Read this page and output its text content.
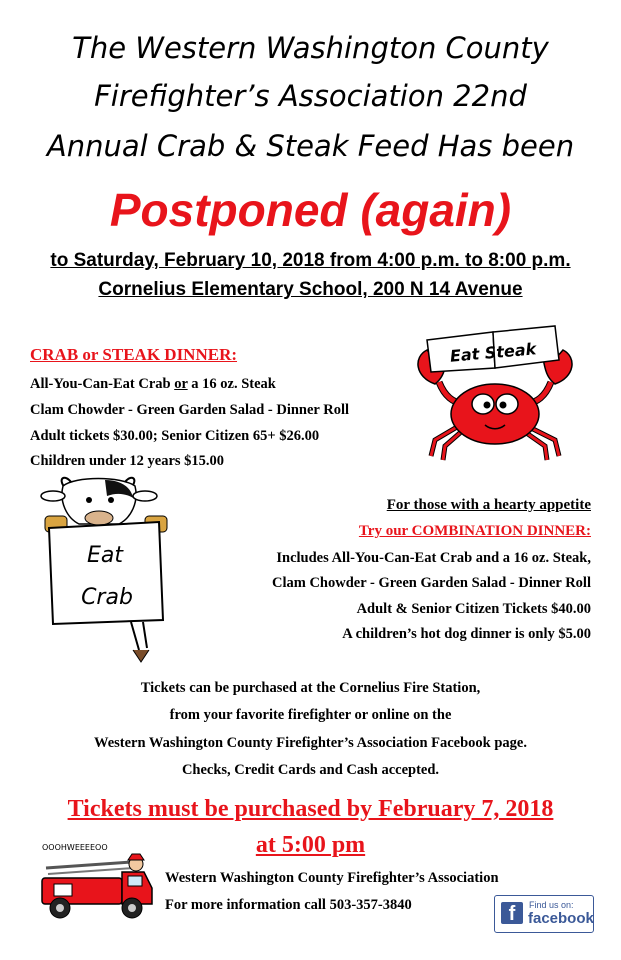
The Western Washington County
Firefighter’s Association 22nd
Annual Crab & Steak Feed Has been
Postponed (again)
to Saturday, February 10, 2018 from 4:00 p.m. to 8:00 p.m.
Cornelius Elementary School, 200 N 14 Avenue
CRAB or STEAK DINNER:
All-You-Can-Eat Crab or a 16 oz. Steak
Clam Chowder - Green Garden Salad - Dinner Roll
Adult tickets $30.00; Senior Citizen 65+ $26.00
Children under 12 years $15.00
Eat Steak
Eat
Crab
For those with a hearty appetite
Try our COMBINATION DINNER:
Includes All-You-Can-Eat Crab and a 16 oz. Steak,
Clam Chowder - Green Garden Salad - Dinner Roll
Adult & Senior Citizen Tickets $40.00
A children’s hot dog dinner is only $5.00
Tickets can be purchased at the Cornelius Fire Station,
from your favorite firefighter or online on the
Western Washington County Firefighter’s Association Facebook page.
Checks, Credit Cards and Cash accepted.
Tickets must be purchased by February 7, 2018
at 5:00 pm
OOOHWEEEEOO
Western Washington County Firefighter’s Association
For more information call 503-357-3840	f	Find us on:
facebook
